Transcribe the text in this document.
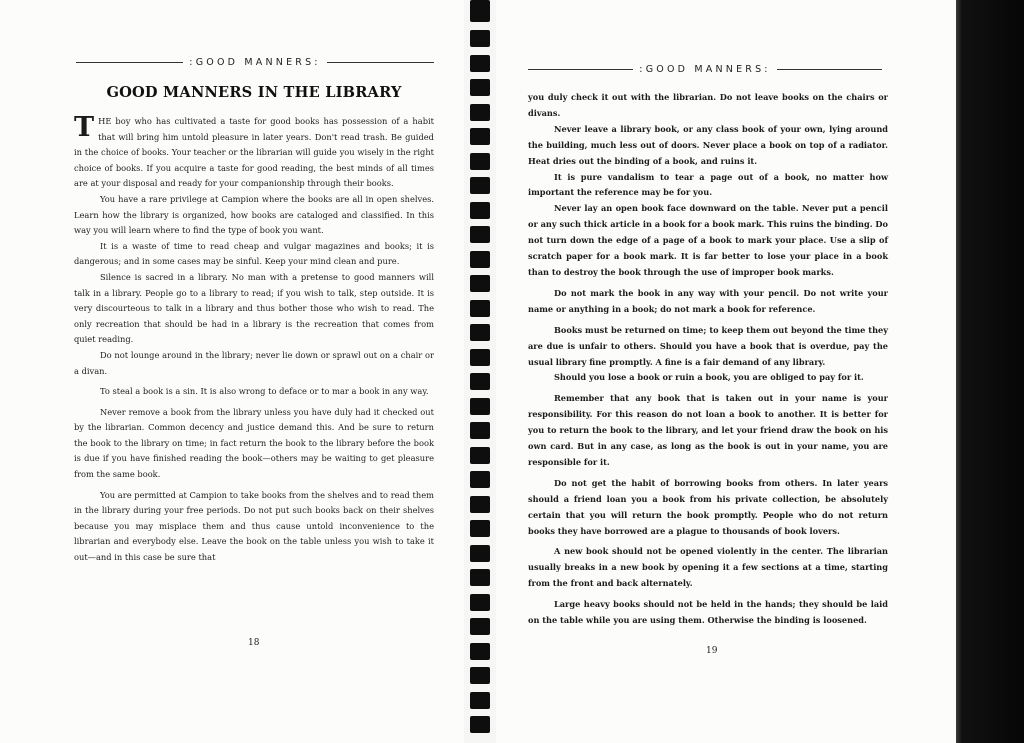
:GOOD MANNERS:
GOOD MANNERS IN THE LIBRARY

THE boy who has cultivated a taste for good books has possession of a habit that will bring him untold pleasure in later years. Don't read trash. Be guided in the choice of books. Your teacher or the librarian will guide you wisely in the right choice of books. If you acquire a taste for good reading, the best minds of all times are at your disposal and ready for your companionship through their books.

You have a rare privilege at Campion where the books are all in open shelves. Learn how the library is organized, how books are cataloged and classified. In this way you will learn where to find the type of book you want.

It is a waste of time to read cheap and vulgar magazines and books; it is dangerous; and in some cases may be sinful. Keep your mind clean and pure.

Silence is sacred in a library. No man with a pretense to good manners will talk in a library. People go to a library to read; if you wish to talk, step outside. It is very discourteous to talk in a library and thus bother those who wish to read. The only recreation that should be had in a library is the recreation that comes from quiet reading.

Do not lounge around in the library; never lie down or sprawl out on a chair or a divan.

To steal a book is a sin. It is also wrong to deface or to mar a book in any way.

Never remove a book from the library unless you have duly had it checked out by the librarian. Common decency and justice demand this. And be sure to return the book to the library on time; in fact return the book to the library before the book is due if you have finished reading the book—others may be waiting to get pleasure from the same book.

You are permitted at Campion to take books from the shelves and to read them in the library during your free periods. Do not put such books back on their shelves because you may misplace them and thus cause untold inconvenience to the librarian and everybody else. Leave the book on the table unless you wish to take it out—and in this case be sure that

18
:GOOD MANNERS:

you duly check it out with the librarian. Do not leave books on the chairs or divans.

Never leave a library book, or any class book of your own, lying around the building, much less out of doors. Never place a book on top of a radiator. Heat dries out the binding of a book, and ruins it.

It is pure vandalism to tear a page out of a book, no matter how important the reference may be for you.

Never lay an open book face downward on the table. Never put a pencil or any such thick article in a book for a book mark. This ruins the binding. Do not turn down the edge of a page of a book to mark your place. Use a slip of scratch paper for a book mark. It is far better to lose your place in a book than to destroy the book through the use of improper book marks.

Do not mark the book in any way with your pencil. Do not write your name or anything in a book; do not mark a book for reference.

Books must be returned on time; to keep them out beyond the time they are due is unfair to others. Should you have a book that is overdue, pay the usual library fine promptly. A fine is a fair demand of any library.

Should you lose a book or ruin a book, you are obliged to pay for it.

Remember that any book that is taken out in your name is your responsibility. For this reason do not loan a book to another. It is better for you to return the book to the library, and let your friend draw the book on his own card. But in any case, as long as the book is out in your name, you are responsible for it.

Do not get the habit of borrowing books from others. In later years should a friend loan you a book from his private collection, be absolutely certain that you will return the book promptly. People who do not return books they have borrowed are a plague to thousands of book lovers.

A new book should not be opened violently in the center. The librarian usually breaks in a new book by opening it a few sections at a time, starting from the front and back alternately.

Large heavy books should not be held in the hands; they should be laid on the table while you are using them. Otherwise the binding is loosened.

19
